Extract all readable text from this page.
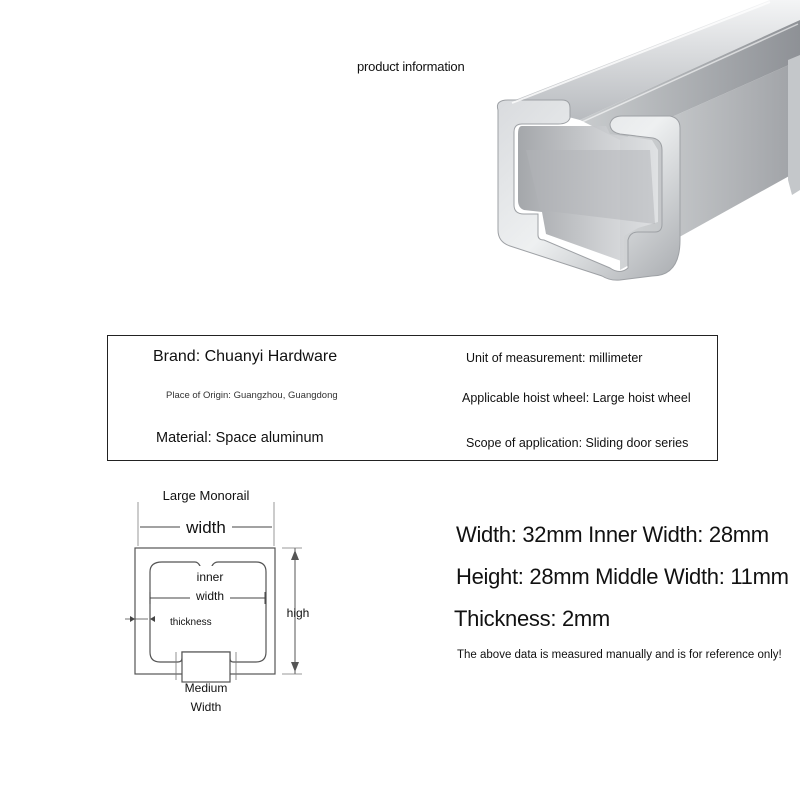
product information
Brand: Chuanyi Hardware
Place of Origin: Guangzhou, Guangdong
Material: Space aluminum
Unit of measurement: millimeter
Applicable hoist wheel: Large hoist wheel
Scope of application: Sliding door series
Large Monorail
width
inner
width
thickness
high
Medium
Width
Width: 32mm Inner Width: 28mm
Height: 28mm Middle Width: 11mm
Thickness: 2mm
The above data is measured manually and is for reference only!
